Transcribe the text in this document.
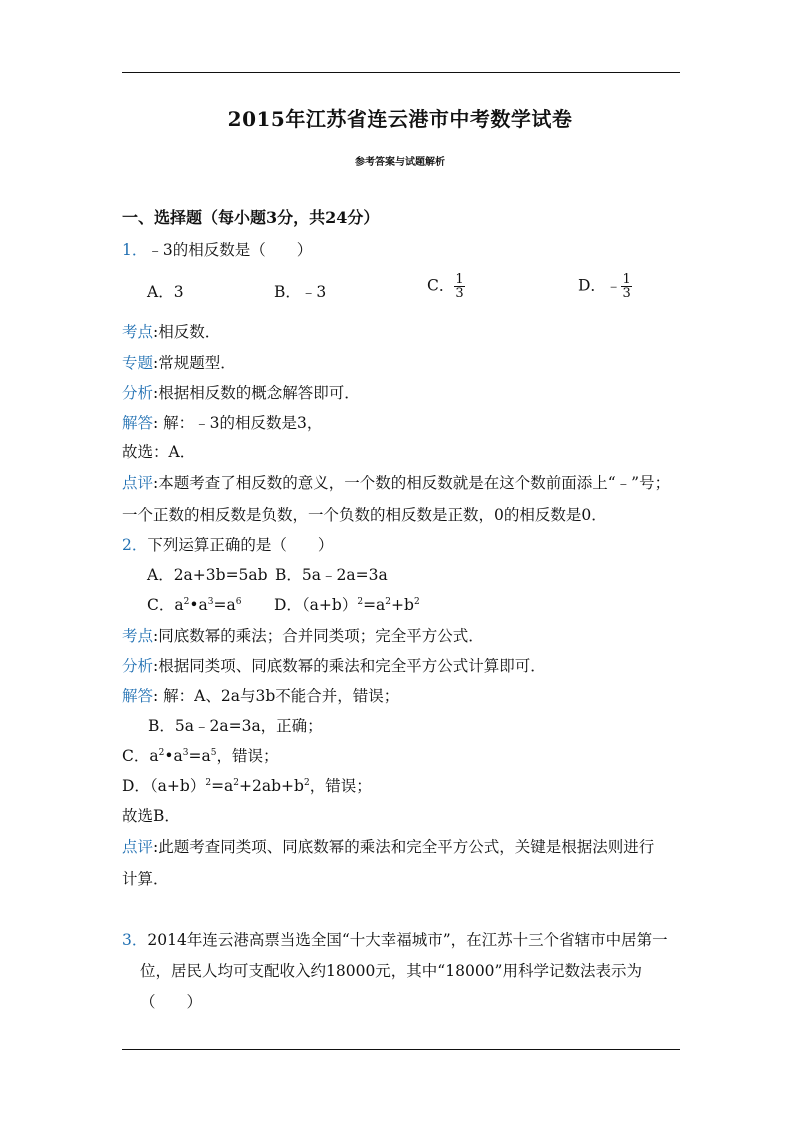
2015年江苏省连云港市中考数学试卷
参考答案与试题解析
一、选择题（每小题3分，共24分）
1．﹣3的相反数是（　　）
A．3	B．﹣3	C． $\frac{1}{3}$	D．﹣ $\frac{1}{3}$
考点:相反数．
专题:常规题型．
分析:根据相反数的概念解答即可．
解答: 解：﹣3的相反数是3，
故选：A．
点评:本题考查了相反数的意义，一个数的相反数就是在这个数前面添上“﹣”号；
一个正数的相反数是负数，一个负数的相反数是正数，0的相反数是0．
2．下列运算正确的是（　　）
A．2a+3b=5ab B．5a﹣2a=3a
C．$a^2•a^3=a^6$ D．$(a+b)^2=a^2+b^2$
考点:同底数幂的乘法；合并同类项；完全平方公式．
分析:根据同类项、同底数幂的乘法和完全平方公式计算即可．
解答: 解：A、2a与3b不能合并，错误；
B．5a﹣2a=3a，正确；
C．$a^2•a^3=a^5$，错误；
D．$(a+b)^2=a^2+2ab+b^2$，错误；
故选B．
点评:此题考查同类项、同底数幂的乘法和完全平方公式，关键是根据法则进行
计算．
3．2014年连云港高票当选全国“十大幸福城市”，在江苏十三个省辖市中居第一
位，居民人均可支配收入约18000元，其中“18000”用科学记数法表示为
（　　）
